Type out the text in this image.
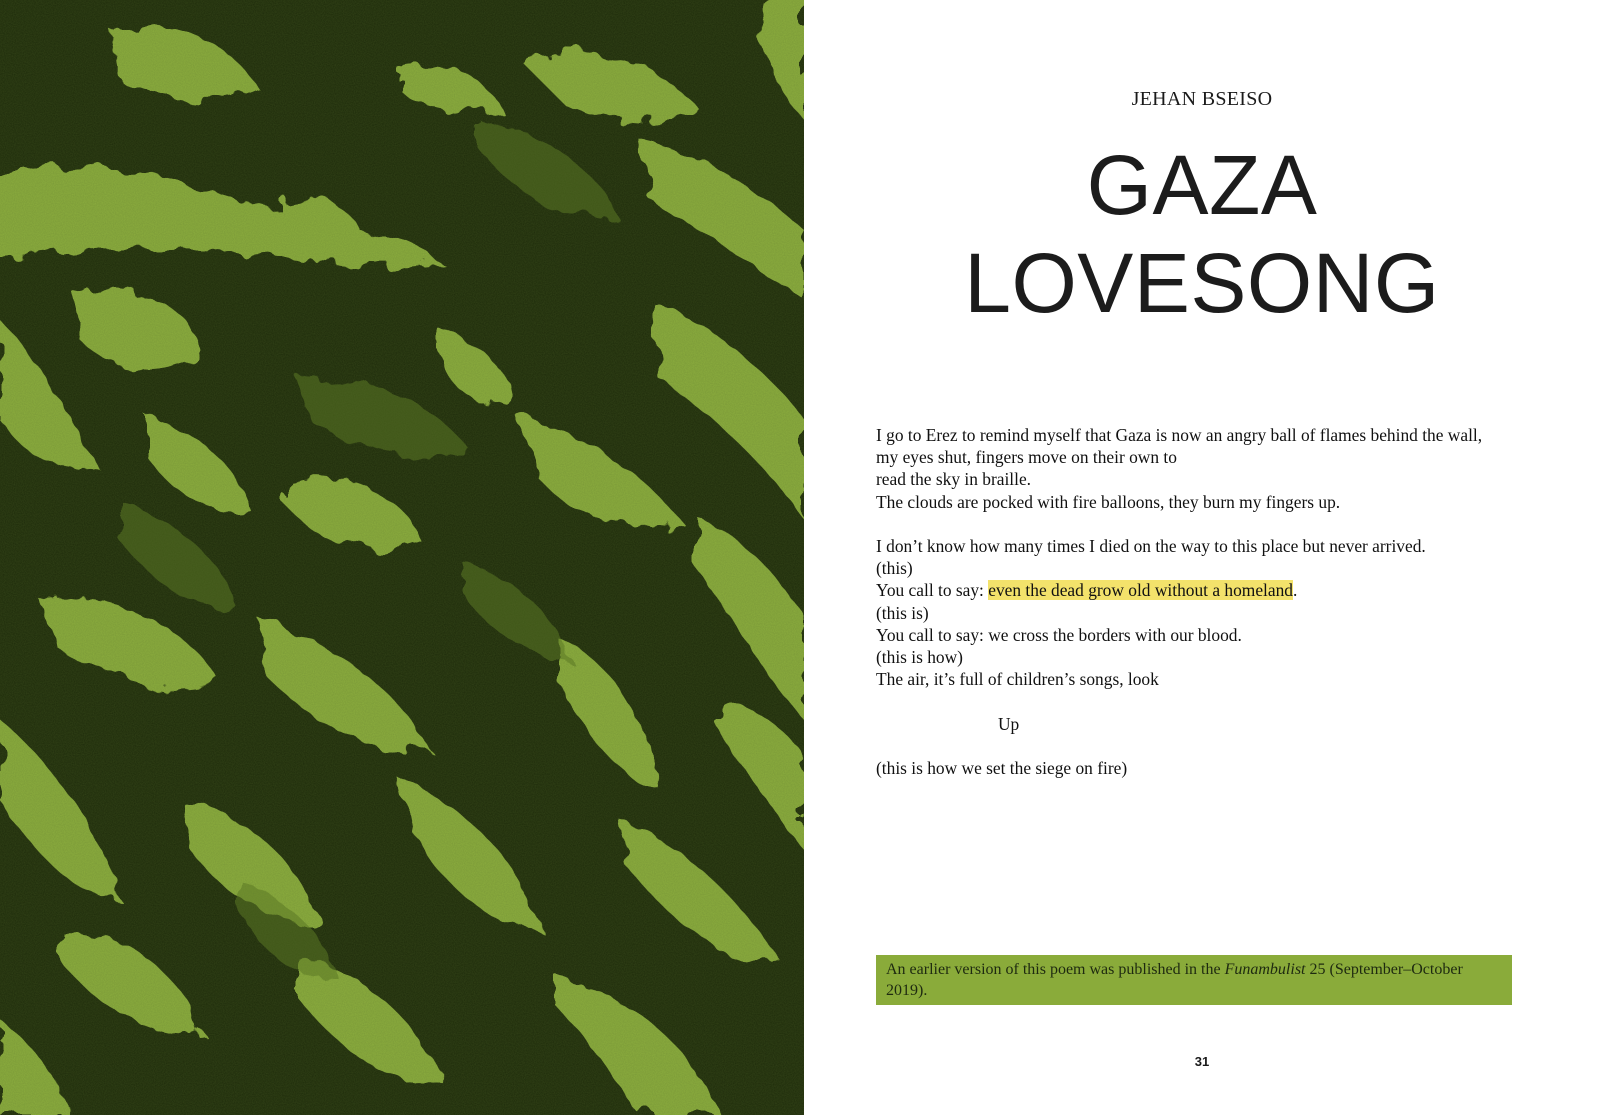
JEHAN BSEISO
GAZA
LOVESONG
I go to Erez to remind myself that Gaza is now an angry ball of flames behind the wall,
my eyes shut, fingers move on their own to
read the sky in braille.
The clouds are pocked with fire balloons, they burn my fingers up.
I don’t know how many times I died on the way to this place but never arrived.
(this)
You call to say: even the dead grow old without a homeland.
(this is)
You call to say: we cross the borders with our blood.
(this is how)
The air, it’s full of children’s songs, look
Up
(this is how we set the siege on fire)
An earlier version of this poem was published in the Funambulist 25 (September–October 2019).
31
